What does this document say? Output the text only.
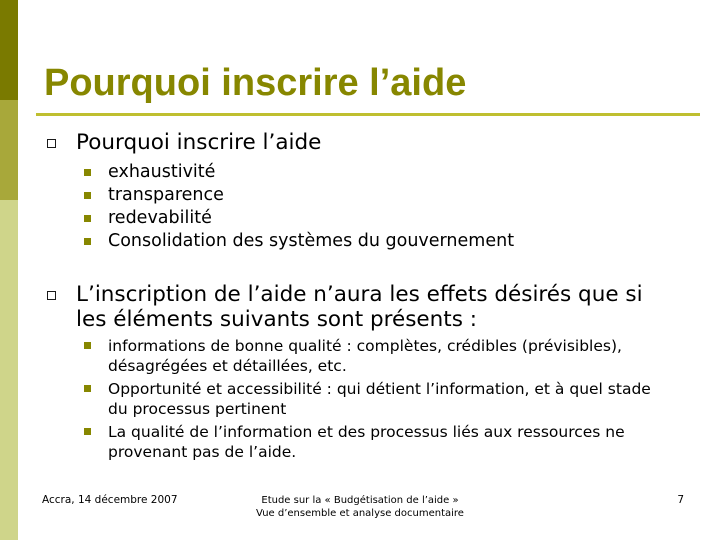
Pourquoi inscrire l’aide
Pourquoi inscrire l’aide
exhaustivité
transparence
redevabilité
Consolidation des systèmes du gouvernement
L’inscription de l’aide n’aura les effets désirés que si les éléments suivants sont présents :
informations de bonne qualité : complètes, crédibles (prévisibles), désagrégées et détaillées, etc.
Opportunité et accessibilité : qui détient l’information, et à quel stade du processus pertinent
La qualité de l’information et des processus liés aux ressources ne provenant pas de l’aide.
Accra, 14 décembre 2007	Etude sur la « Budgétisation de l’aide »
Vue d’ensemble et analyse documentaire
7
